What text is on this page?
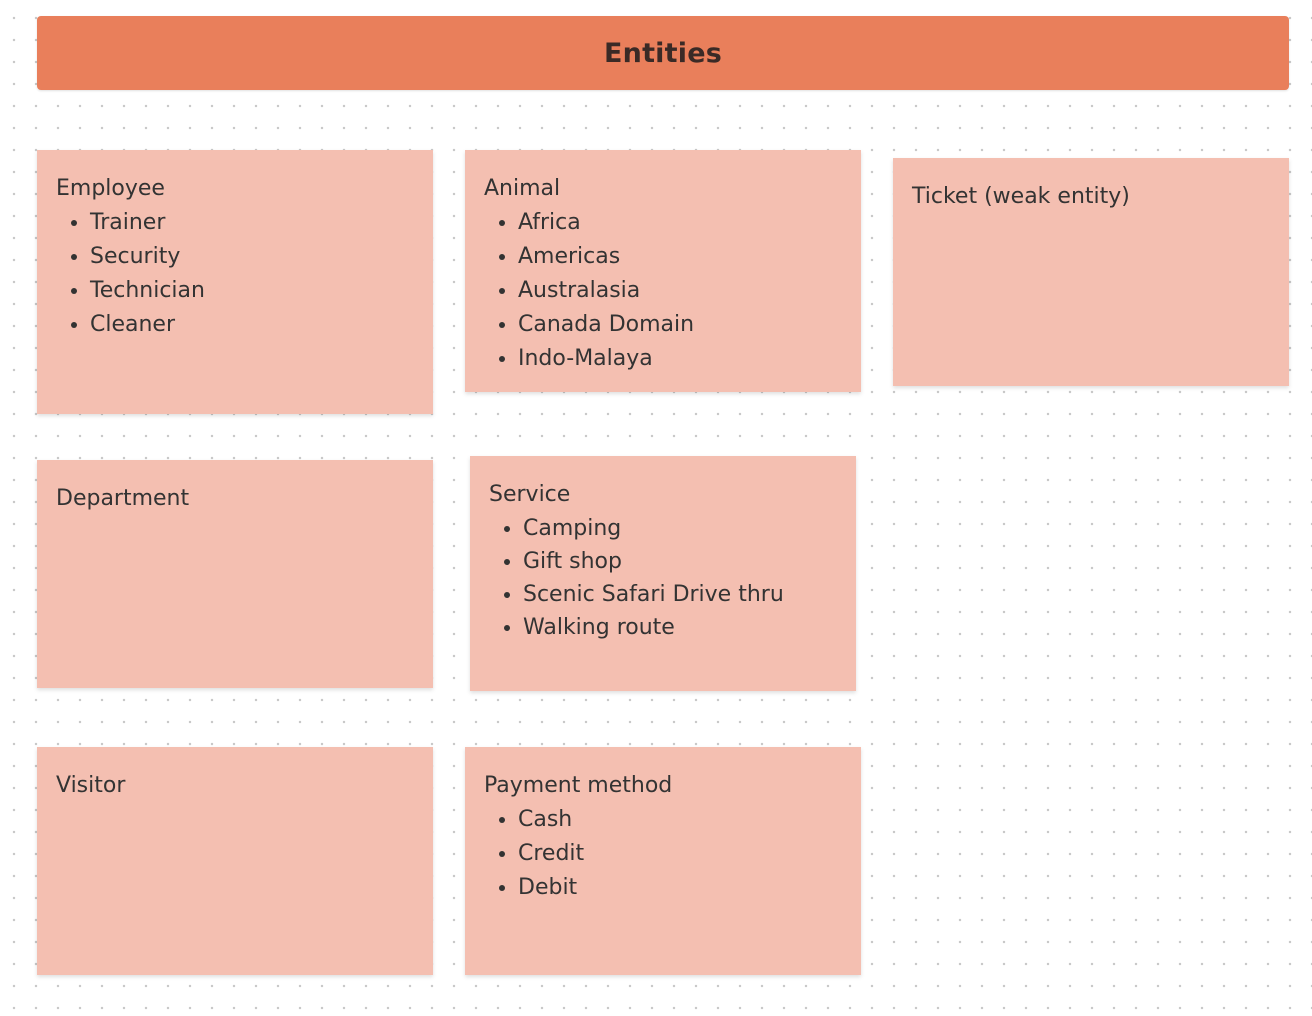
Entities
Employee
• Trainer
• Security
• Technician
• Cleaner
Animal
• Africa
• Americas
• Australasia
• Canada Domain
• Indo-Malaya
Ticket (weak entity)
Department	Service
• Camping
• Gift shop
• Scenic Safari Drive thru
• Walking route
Visitor	Payment method
• Cash
• Credit
• Debit
